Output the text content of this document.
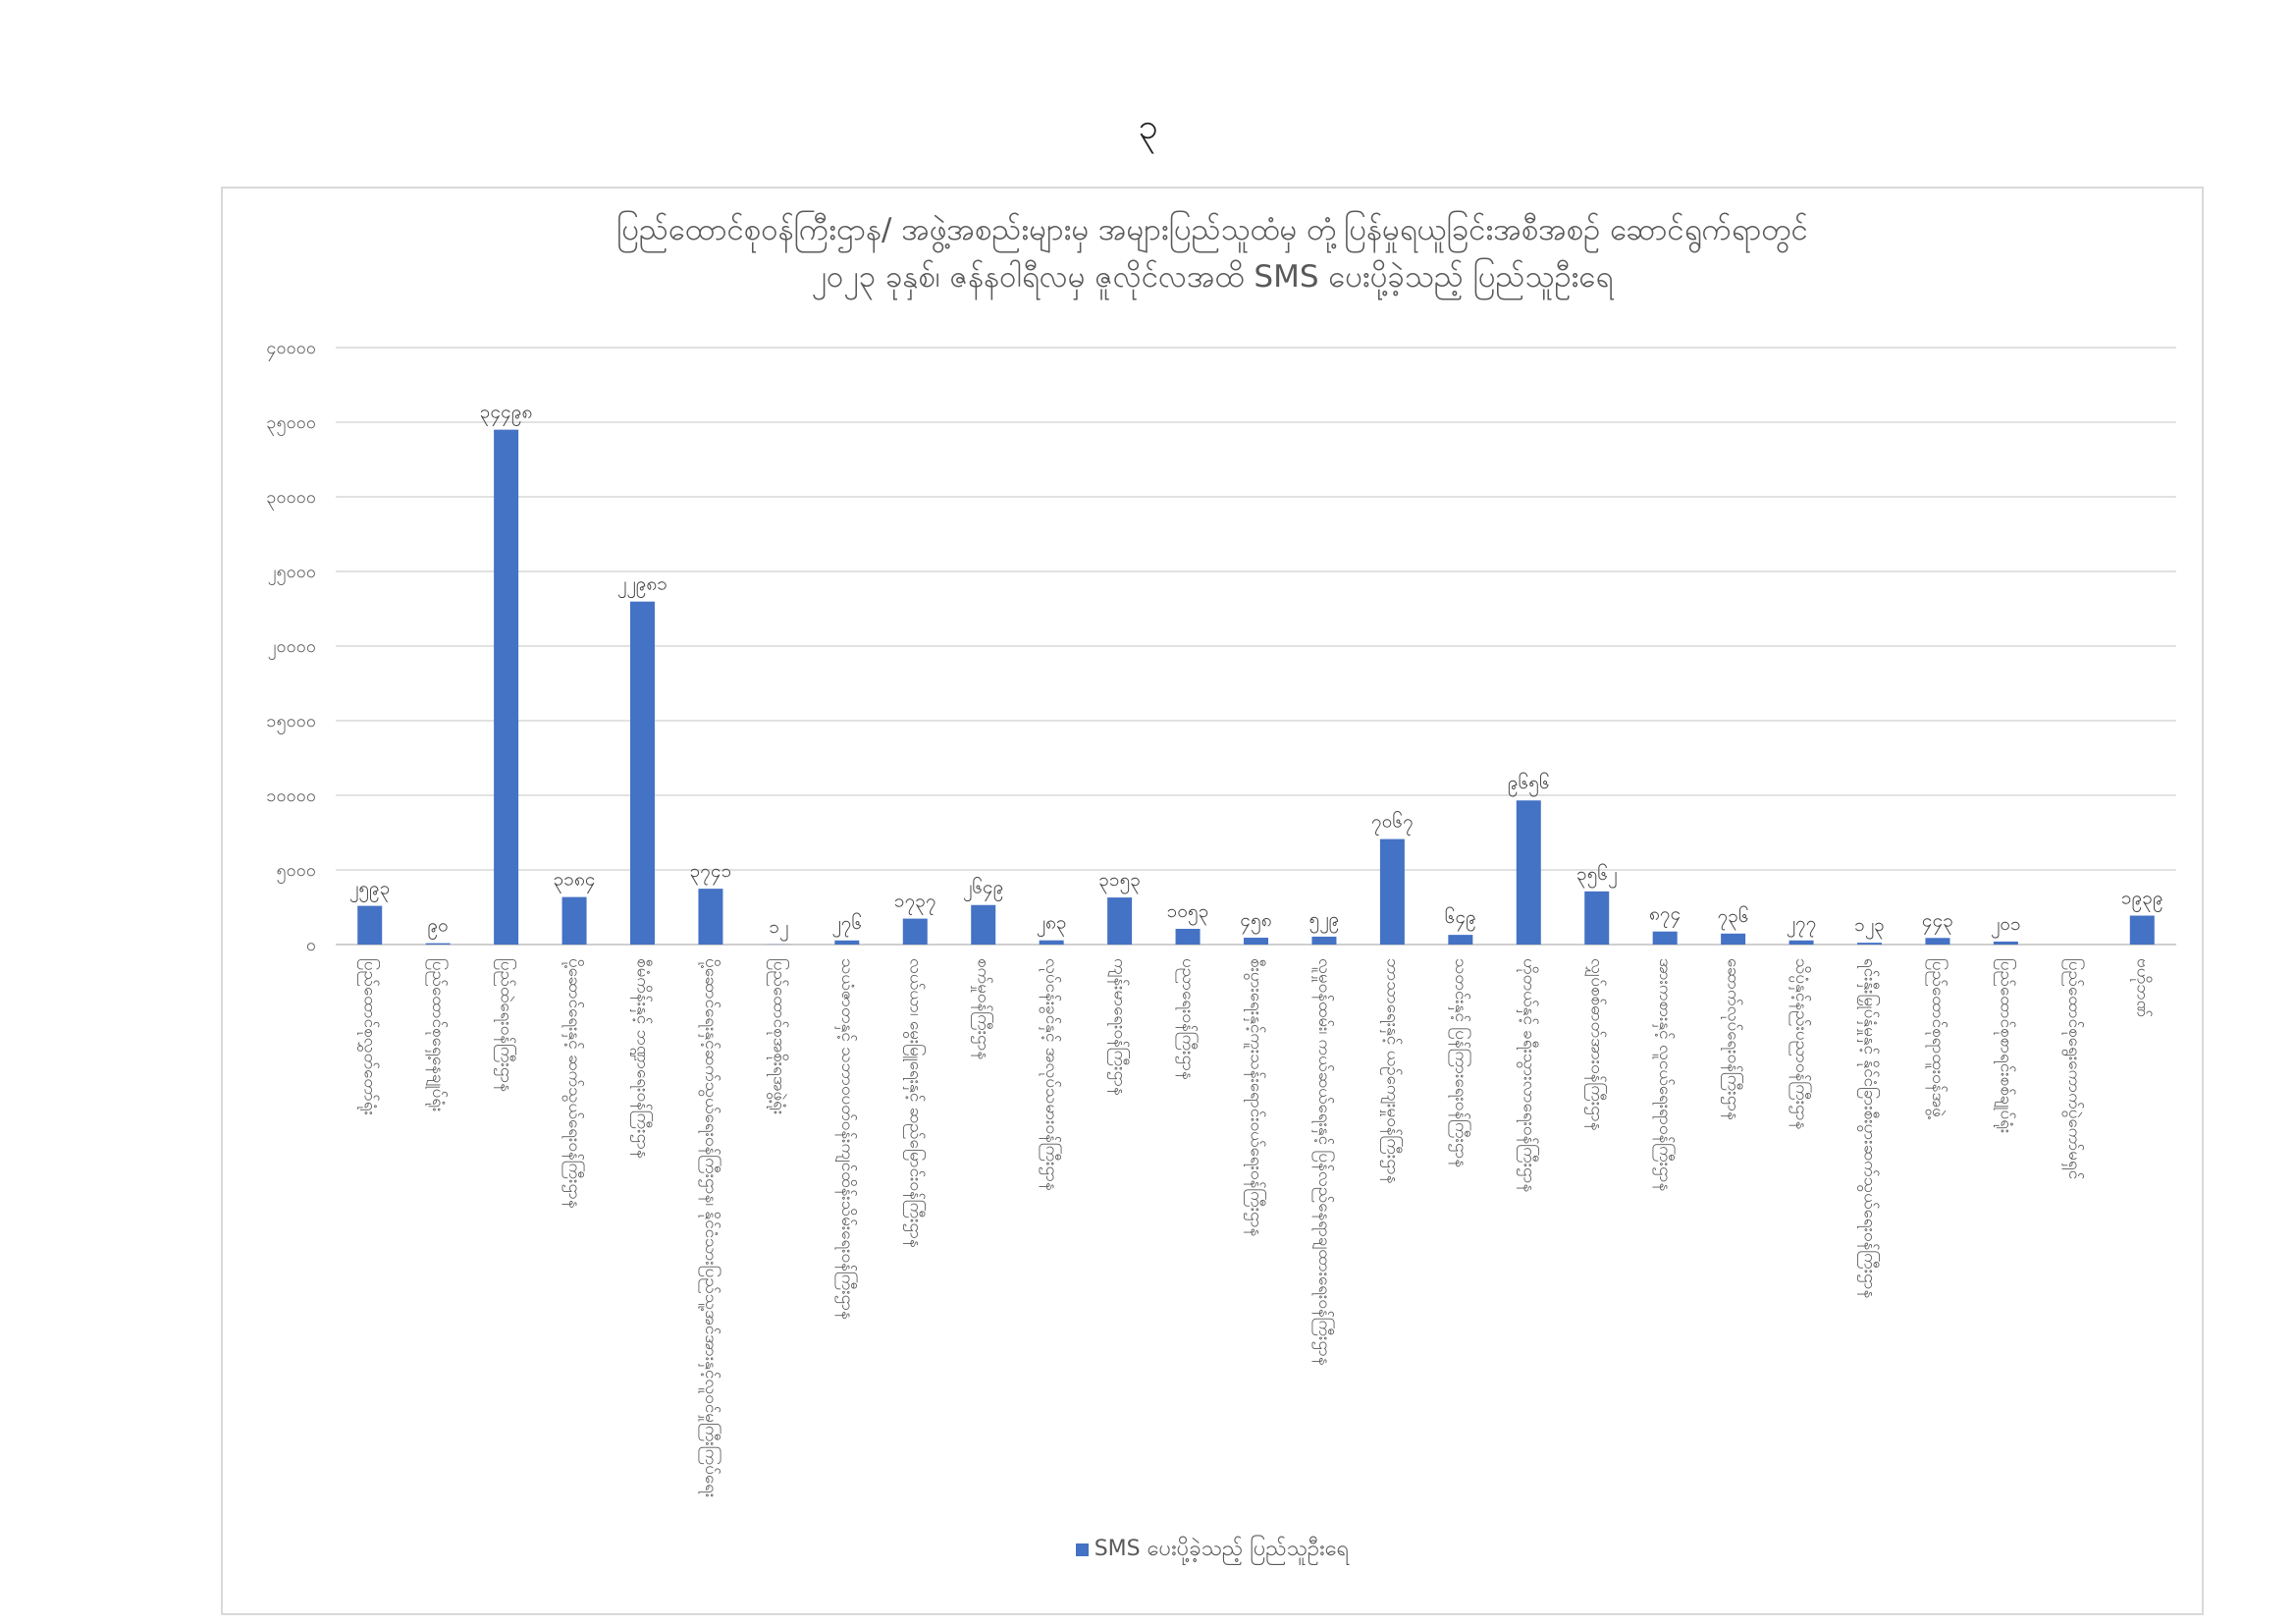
၃
ပြည်ထောင်စုဝန်ကြီးဌာန/ အဖွဲ့အစည်းများမှ အများပြည်သူထံမှ တုံ့ပြန်မှုရယူခြင်းအစီအစဉ် ဆောင်ရွက်ရာတွင်
၂၀၂၃ ခုနှစ်၊ ဇန်နဝါရီလမှ ဇူလိုင်လအထိ SMS ပေးပို့ခဲ့သည့် ပြည်သူဦးရေ
၀
၅၀၀၀
၁၀၀၀၀
၁၅၀၀၀
၂၀၀၀၀
၂၅၀၀၀
၃၀၀၀၀
၃၅၀၀၀
၄၀၀၀၀
၂၅၉၃
ပြည်ထောင်စုလွှတ်တော်ရုံး
၉၀
ပြည်ထောင်စုရှေ့နေချုပ်ရုံး
၃၄၄၉၈
ပြည်ထဲရေးဝန်ကြီးဌာန
၃၁၈၄
ပို့ဆောင်ရေးနှင့် ဆက်သွယ်ရေးဝန်ကြီးဌာန
၂၂၉၈၁
စီမံကိန်းနှင့် ဘဏ္ဍာရေးဝန်ကြီးဌာန
၃၇၄၁
ပို့ဆောင်ရေးနှင့်ဆက်သွယ်ရေးဝန်ကြီးဌာန၊ နိုင်ငံသားပြည်သူ့အင်အားနှင့်လူဝင်မှုကြီးကြပ်ရေး
၁၂
ပြည်ထောင်စုအစိုးရအဖွဲ့ရုံး
၂၇၆
သယံဇာတနှင့် သဘာဝပတ်ဝန်းကျင်ထိန်းသိမ်းရေးဝန်ကြီးဌာန
၁၇၃၇
လယ်ယာ၊ မွေးမြူရေးနှင့် ဆည်မြောင်းဝန်ကြီးဌာန
၂၆၄၉
စက်မှုဝန်ကြီးဌာန
၂၈၃
လုပ်ငန်းခွင်နှင့် အလုပ်သမားဝန်ကြီးဌာန
၃၁၅၃
ကျန်းမာရေးဝန်ကြီးဌာန
၁၀၅၃
ပညာရေးဝန်ကြီးဌာန
၄၅၈
စီးပွားရေးနှင့်ကူးသန်းရောင်းဝယ်ရေးဝန်ကြီးဌာန
၅၂၉
လူမှုဝန်ထမ်း၊ ကယ်ဆယ်ရေးနှင့် ပြန်လည်နေရာချထားရေးဝန်ကြီးဌာန
၇၀၆၇
ဘာသာရေးနှင့် ယဉ်ကျေးမှုဝန်ကြီးဌာန
၆၄၉
သတင်းနှင့် ပြန်ကြားရေးဝန်ကြီးဌာန
၉၆၅၆
ဟိုတယ်နှင့် ခရီးသွားလာရေးဝန်ကြီးဌာန
၃၅၆၂
လျှပ်စစ်ဓာတ်အားဝန်ကြီးဌာန
၈၇၄
အားကစားနှင့် လူငယ်ရေးရာဝန်ကြီးဌာန
၇၃၆
ဆောက်လုပ်ရေးဝန်ကြီးဌာန
၂၇၇
သိပ္ပံနှင့်နည်းပညာဝန်ကြီးဌာန
၁၂၃
ရင်းနှီးမြှုပ်နှံမှုနှင့် နိုင်ငံခြားစီးပွားဆက်သွယ်ရေးဝန်ကြီးဌာန
၄၄၃
ပြည်ထောင်စုရာထူးဝန်အဖွဲ့
၂၀၁
ပြည်ထောင်စုစာရင်းစစ်ချုပ်ရုံး	ပြည်ထောင်စုရွေးကောက်ပွဲကော်မရှင်
၁၉၃၉
ဗဟိုဘဏ်
SMS ပေးပို့ခဲ့သည့် ပြည်သူဦးရေ
